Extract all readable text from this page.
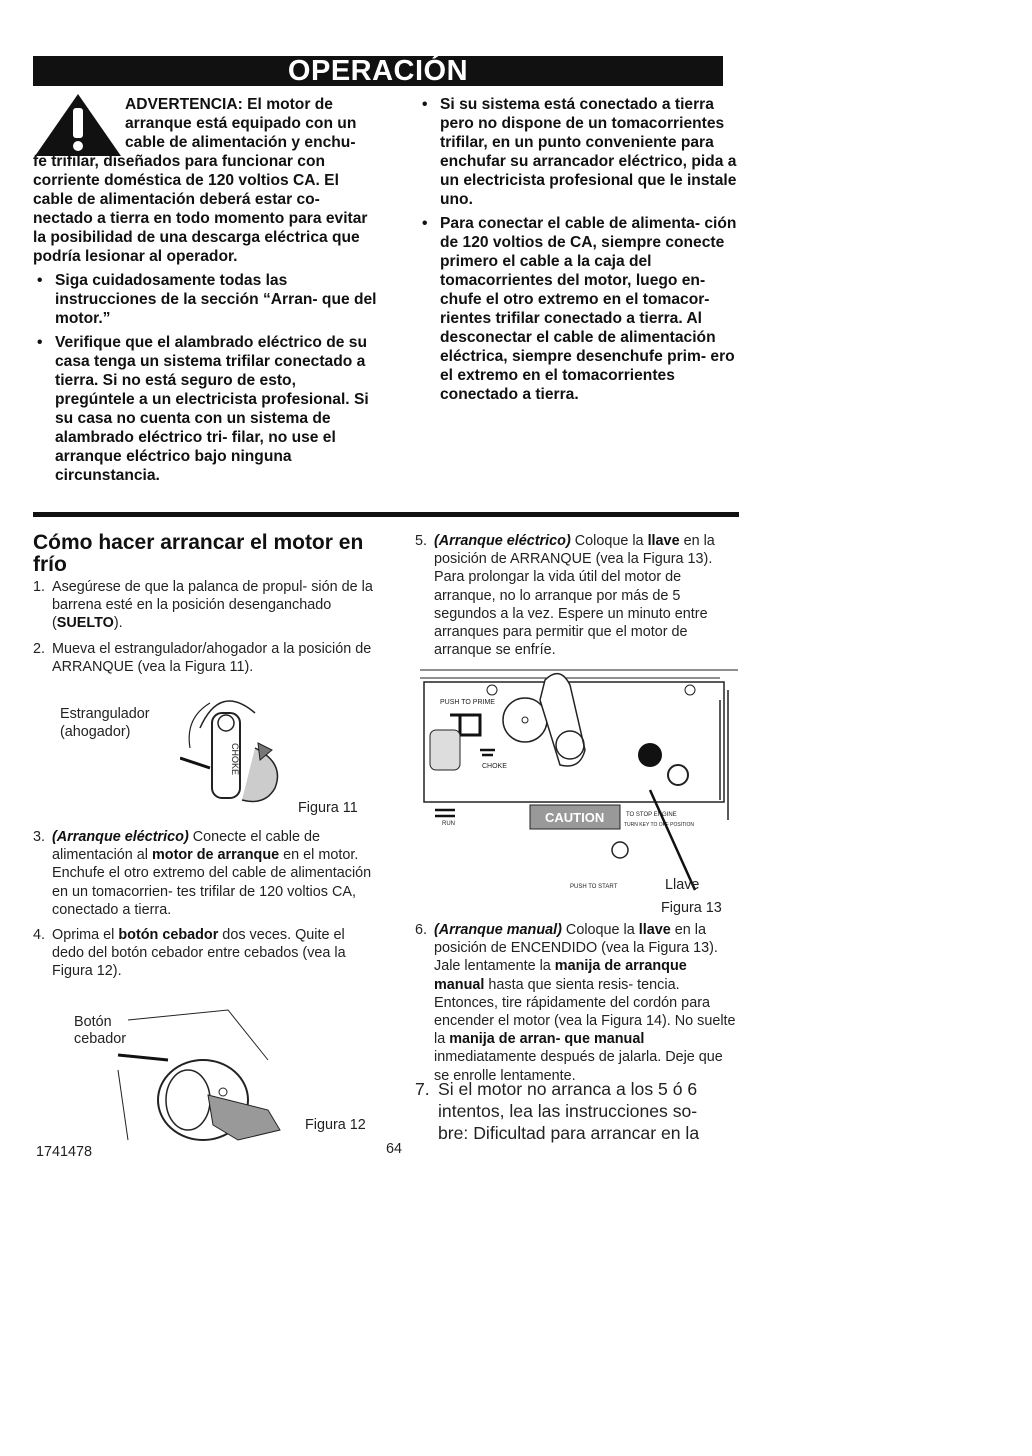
OPERACIÓN

ADVERTENCIA: El motor de arranque está equipado con un cable de alimentación y enchu-

fe trifilar, diseñados para funcionar con corriente doméstica de 120 voltios CA. El cable de alimentación deberá estar co- nectado a tierra en todo momento para evitar la posibilidad de una descarga eléctrica que podría lesionar al operador.

• Siga cuidadosamente todas las instrucciones de la sección “Arran- que del motor.”
• Verifique que el alambrado eléctrico de su casa tenga un sistema trifilar conectado a tierra. Si no está seguro de esto, pregúntele a un electricista profesional. Si su casa no cuenta con un sistema de alambrado eléctrico tri- filar, no use el arranque eléctrico bajo ninguna circunstancia.
• Si su sistema está conectado a tierra pero no dispone de un tomacorrientes trifilar, en un punto conveniente para enchufar su arrancador eléctrico, pida a un electricista profesional que le instale uno.
• Para conectar el cable de alimenta- ción de 120 voltios de CA, siempre conecte primero el cable a la caja del tomacorrientes del motor, luego en- chufe el otro extremo en el tomacor- rientes trifilar conectado a tierra. Al desconectar el cable de alimentación eléctrica, siempre desenchufe prim- ero el extremo en el tomacorrientes conectado a tierra.
Cómo hacer arrancar el motor en frío
1. Asegúrese de que la palanca de propul- sión de la barrena esté en la posición desenganchado (SUELTO).
2. Mueva el estrangulador/ahogador a la posición de ARRANQUE (vea la Figura 11).
Estrangulador
(ahogador)
CHOKE
Figura 11
3. (Arranque eléctrico) Conecte el cable de alimentación al motor de arranque en el motor. Enchufe el otro extremo del cable de alimentación en un tomacorrien- tes trifilar de 120 voltios CA, conectado a tierra.
4. Oprima el botón cebador dos veces. Quite el dedo del botón cebador entre cebados (vea la Figura 12).
Botón
cebador
Figura 12
1741478	64
5. (Arranque eléctrico) Coloque la llave en la posición de ARRANQUE (vea la Figura 13). Para prolongar la vida útil del motor de arranque, no lo arranque por más de 5 segundos a la vez. Espere un minuto entre arranques para permitir que el motor de arranque se enfríe.
PUSH TO PRIME
CHOKE
RUN	CAUTION	TO STOP ENGINE
TURN KEY TO OFF POSITION
PUSH TO START	Llave
Figura 13
6. (Arranque manual) Coloque la llave en la posición de ENCENDIDO (vea la Figura 13). Jale lentamente la manija de arranque manual hasta que sienta resis- tencia. Entonces, tire rápidamente del cordón para encender el motor (vea la Figura 14). No suelte la manija de arran- que manual inmediatamente después de jalarla. Deje que se enrolle lentamente.
7. Si el motor no arranca a los 5 ó 6 intentos, lea las instrucciones so- bre: Dificultad para arrancar en la
